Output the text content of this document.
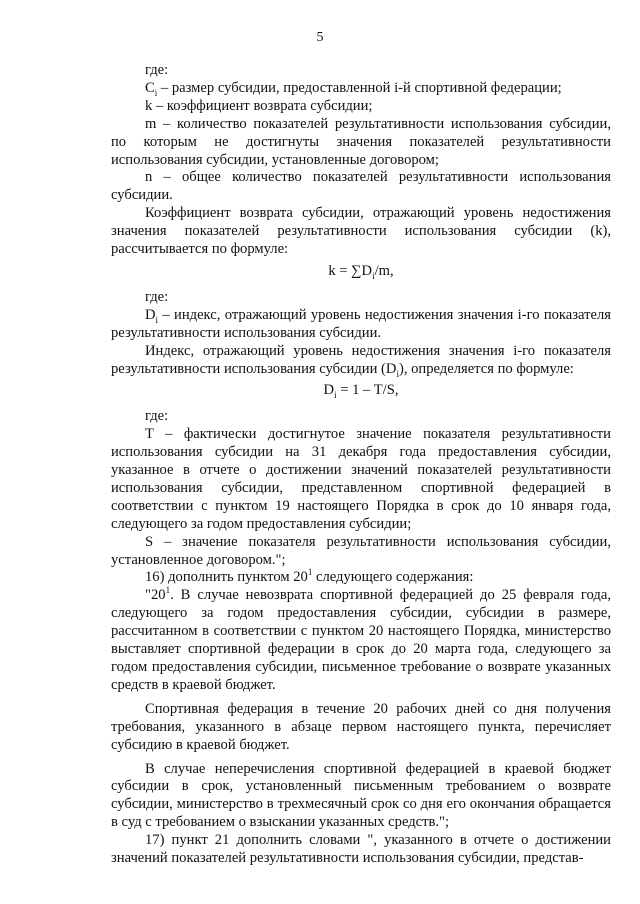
5

где:

$C_i$ – размер субсидии, предоставленной i-й спортивной федерации;

k – коэффициент возврата субсидии;

m – количество показателей результативности использования субсидии, по которым не достигнуты значения показателей результативности использования субсидии, установленные договором;

n – общее количество показателей результативности использования субсидии.

Коэффициент возврата субсидии, отражающий уровень недостижения значения показателей результативности использования субсидии (k), рассчитывается по формуле:

$k = \sum D_i/m$,

где:

$D_i$ – индекс, отражающий уровень недостижения значения i-го показателя результативности использования субсидии.

Индекс, отражающий уровень недостижения значения i-го показателя результативности использования субсидии $(D_i)$, определяется по формуле:

$D_i = 1 - T/S$,

где:

T – фактически достигнутое значение показателя результативности использования субсидии на 31 декабря года предоставления субсидии, указанное в отчете о достижении значений показателей результативности использования субсидии, представленном спортивной федерацией в соответствии с пунктом 19 настоящего Порядка в срок до 10 января года, следующего за годом предоставления субсидии;

S – значение показателя результативности использования субсидии, установленное договором.";

16) дополнить пунктом $20^1$ следующего содержания:

"$20^1$. В случае невозврата спортивной федерацией до 25 февраля года, следующего за годом предоставления субсидии, субсидии в размере, рассчитанном в соответствии с пунктом 20 настоящего Порядка, министерство выставляет спортивной федерации в срок до 20 марта года, следующего за годом предоставления субсидии, письменное требование о возврате указанных средств в краевой бюджет.

Спортивная федерация в течение 20 рабочих дней со дня получения требования, указанного в абзаце первом настоящего пункта, перечисляет субсидию в краевой бюджет.

В случае неперечисления спортивной федерацией в краевой бюджет субсидии в срок, установленный письменным требованием о возврате субсидии, министерство в трехмесячный срок со дня его окончания обращается в суд с требованием о взыскании указанных средств.";

17) пункт 21 дополнить словами ", указанного в отчете о достижении значений показателей результативности использования субсидии, представ-
